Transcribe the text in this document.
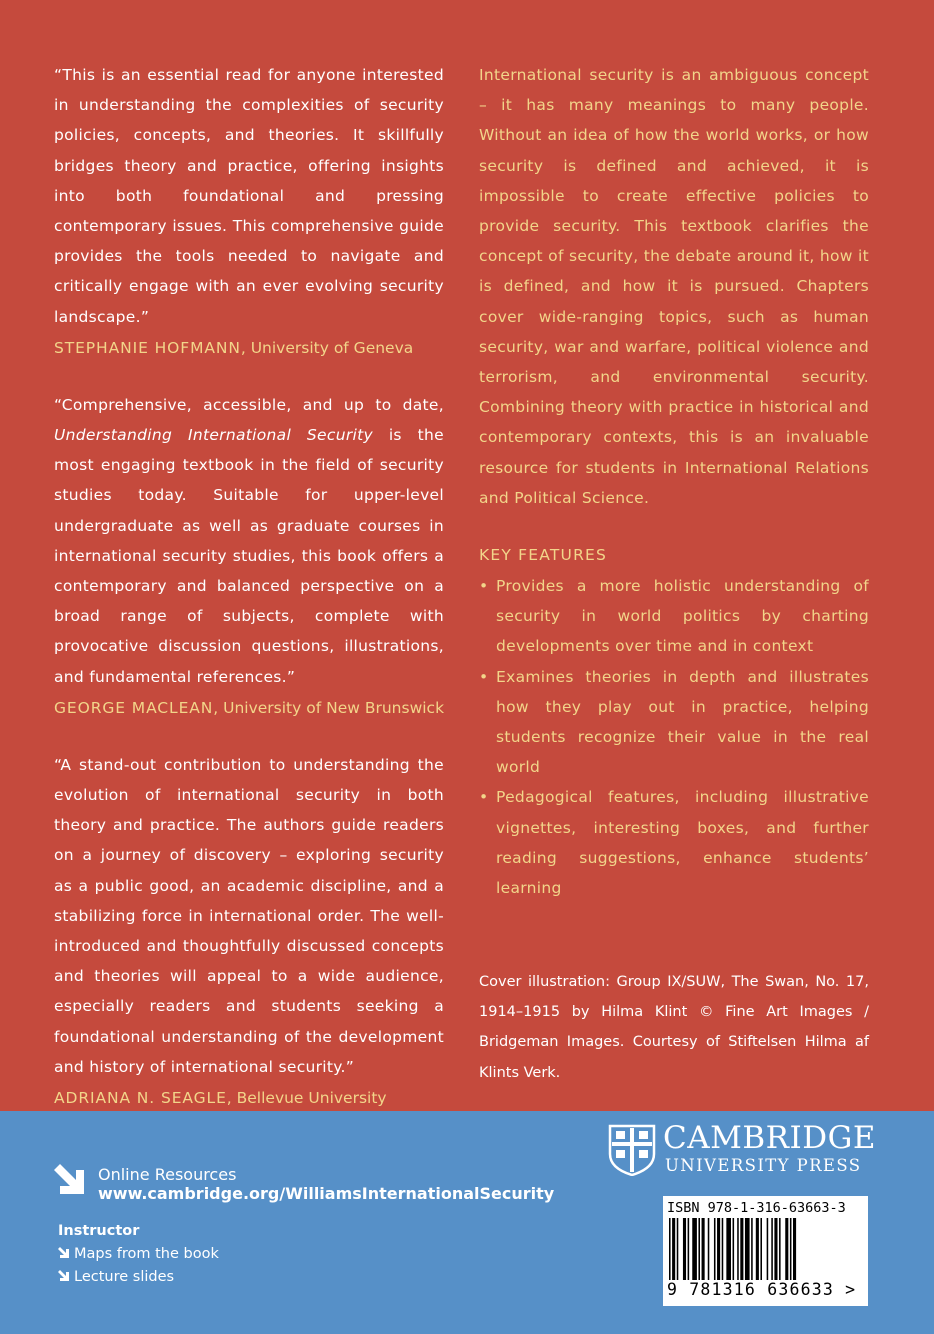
“This is an essential read for anyone interested in understanding the complexities of security policies, concepts, and theories. It skillfully bridges theory and practice, offering insights into both foundational and pressing contemporary issues. This comprehensive guide provides the tools needed to navigate and critically engage with an ever evolving security landscape.”

STEPHANIE HOFMANN, University of Geneva

“Comprehensive, accessible, and up to date, Understanding International Security is the most engaging textbook in the field of security studies today. Suitable for upper-level undergraduate as well as graduate courses in international security studies, this book offers a contemporary and balanced perspective on a broad range of subjects, complete with provocative discussion questions, illustrations, and fundamental references.”

GEORGE MACLEAN, University of New Brunswick

“A stand-out contribution to understanding the evolution of international security in both theory and practice. The authors guide readers on a journey of discovery – exploring security as a public good, an academic discipline, and a stabilizing force in international order. The well-introduced and thoughtfully discussed concepts and theories will appeal to a wide audience, especially readers and students seeking a foundational understanding of the development and history of international security.”

ADRIANA N. SEAGLE, Bellevue University

International security is an ambiguous concept – it has many meanings to many people. Without an idea of how the world works, or how security is defined and achieved, it is impossible to create effective policies to provide security. This textbook clarifies the concept of security, the debate around it, how it is defined, and how it is pursued. Chapters cover wide-ranging topics, such as human security, war and warfare, political violence and terrorism, and environmental security. Combining theory with practice in historical and contemporary contexts, this is an invaluable resource for students in International Relations and Political Science.

KEY FEATURES

• Provides a more holistic understanding of security in world politics by charting developments over time and in context
• Examines theories in depth and illustrates how they play out in practice, helping students recognize their value in the real world
• Pedagogical features, including illustrative vignettes, interesting boxes, and further reading suggestions, enhance students’ learning

Cover illustration: Group IX/SUW, The Swan, No. 17, 1914–1915 by Hilma Klint © Fine Art Images / Bridgeman Images. Courtesy of Stiftelsen Hilma af Klints Verk.

Online Resources
www.cambridge.org/WilliamsInternationalSecurity
Instructor
Maps from the book
Lecture slides
CAMBRIDGE
UNIVERSITY PRESS
ISBN 978-1-316-63663-3
9 781316 636633 >
